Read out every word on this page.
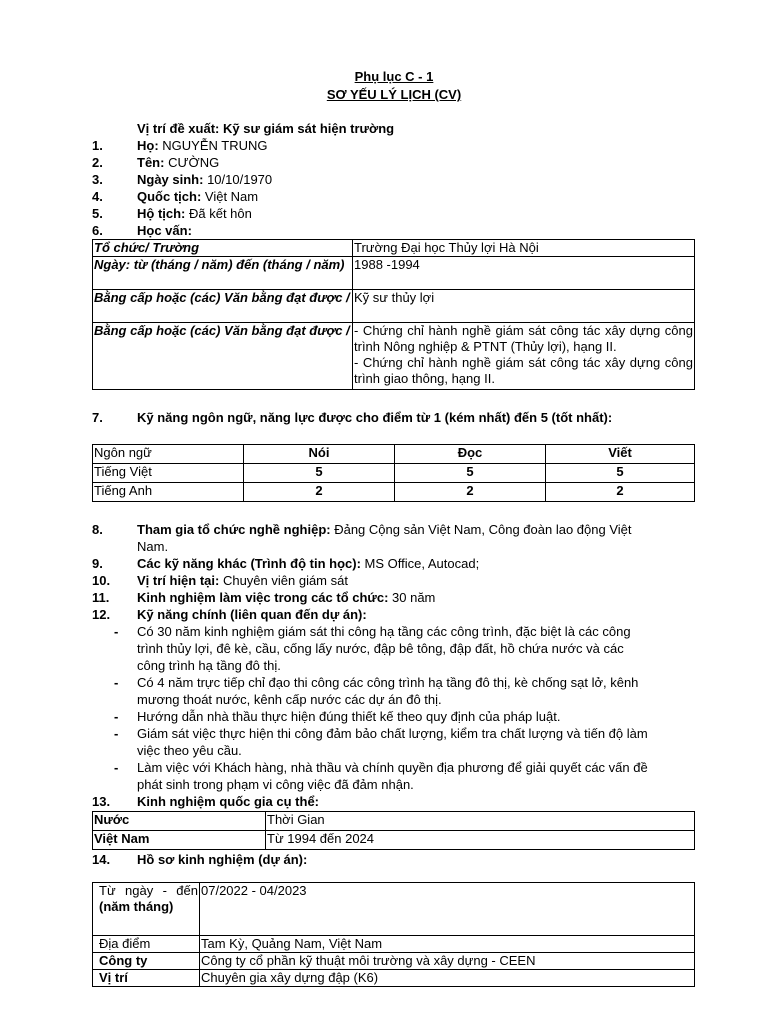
Phụ lục C - 1
SƠ YẾU LÝ LỊCH (CV)
Vị trí đề xuất: Kỹ sư giám sát hiện trường
1.	Họ: NGUYỄN TRUNG
2.	Tên: CƯỜNG
3.	Ngày sinh: 10/10/1970
4.	Quốc tịch: Việt Nam
5.	Hộ tịch: Đã kết hôn
6.	Học vấn:
Tổ chức/ Trường	Trường Đại học Thủy lợi Hà Nội
Ngày: từ (tháng / năm) đến (tháng / năm)	1988 -1994
Bằng cấp hoặc (các) Văn bằng đạt được /	Kỹ sư thủy lợi
Bằng cấp hoặc (các) Văn bằng đạt được /	- Chứng chỉ hành nghề giám sát công tác xây dựng công trình Nông nghiệp & PTNT (Thủy lợi), hạng II.
- Chứng chỉ hành nghề giám sát công tác xây dựng công trình giao thông, hạng II.
7.	Kỹ năng ngôn ngữ, năng lực được cho điểm từ 1 (kém nhất) đến 5 (tốt nhất):
Ngôn ngữ	Nói	Đọc	Viết
Tiếng Việt	5	5	5
Tiếng Anh	2	2	2
8.	Tham gia tổ chức nghề nghiệp: Đảng Cộng sản Việt Nam, Công đoàn lao động Việt
Nam.
9.	Các kỹ năng khác (Trình độ tin học): MS Office, Autocad;
10. Vị trí hiện tại: Chuyên viên giám sát
11. Kinh nghiệm làm việc trong các tổ chức: 30 năm
12. Kỹ năng chính (liên quan đến dự án):
- Có 30 năm kinh nghiệm giám sát thi công hạ tầng các công trình, đặc biệt là các công
trình thủy lợi, đê kè, cầu, cống lấy nước, đập bê tông, đập đất, hồ chứa nước và các
công trình hạ tầng đô thị.
- Có 4 năm trực tiếp chỉ đạo thi công các công trình hạ tầng đô thị, kè chống sạt lở, kênh
mương thoát nước, kênh cấp nước các dự án đô thị.
- Hướng dẫn nhà thầu thực hiện đúng thiết kế theo quy định của pháp luật.
- Giám sát việc thực hiện thi công đảm bảo chất lượng, kiểm tra chất lượng và tiến độ làm
việc theo yêu cầu.
- Làm việc với Khách hàng, nhà thầu và chính quyền địa phương để giải quyết các vấn đề
phát sinh trong phạm vi công việc đã đảm nhận.
13. Kinh nghiệm quốc gia cụ thể:
Nước	Thời Gian
Việt Nam	Từ 1994 đến 2024
14. Hồ sơ kinh nghiệm (dự án):
Từ ngày - đến
(năm tháng)	07/2022 - 04/2023
Địa điểm	Tam Kỳ, Quảng Nam, Việt Nam
Công ty	Công ty cổ phần kỹ thuật môi trường và xây dựng - CEEN
Vị trí	Chuyên gia xây dựng đập (K6)
